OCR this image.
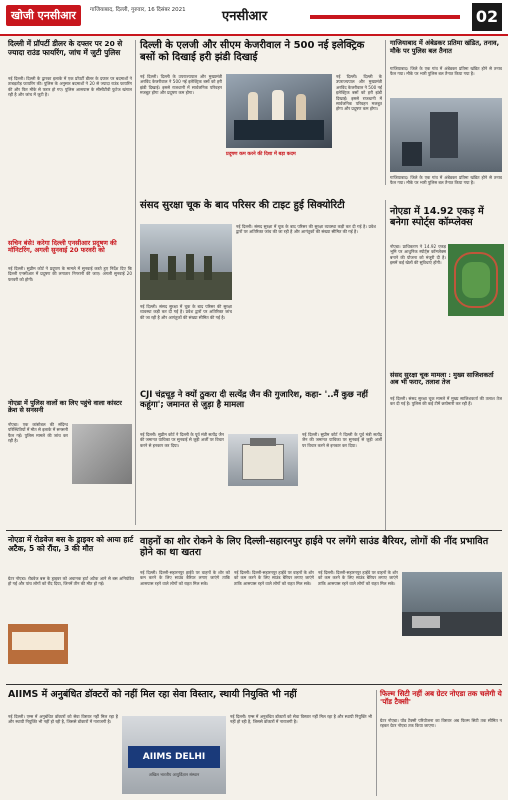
खोजी एनसीआर	गाजियाबाद, दिल्ली, गुरुवार, 16 दिसंबर 2021	एनसीआर	02
दिल्ली में प्रॉपर्टी डीलर के दफ्तर पर 20 से ज्यादा राउंड फायरिंग, जांच में जुटी पुलिस
नई दिल्ली। दिल्ली के द्वारका इलाके में एक प्रॉपर्टी डीलर के दफ्तर पर बदमाशों ने ताबड़तोड़ फायरिंग की। पुलिस के अनुसार बदमाशों ने 20 से ज्यादा राउंड फायरिंग की और फिर मौके से फरार हो गए। पुलिस आसपास के सीसीटीवी फुटेज खंगाल रही है और जांच में जुटी है।
सचिन बंसे! करेगा दिल्ली एनसीआर प्रदूषण की मॉनिटरिंग, अगली सुनवाई 20 फरवरी को
नई दिल्ली। सुप्रीम कोर्ट ने प्रदूषण के मामले में सुनवाई करते हुए निर्देश दिए कि दिल्ली एनसीआर में प्रदूषण की लगातार निगरानी की जाए। अगली सुनवाई 20 फरवरी को होगी।
नोएडा में पुलिस वालों का लिए पहुंचे वाला कांस्टर क्रेश से सनसनी
नोएडा। एक कांस्टेबल की संदिग्ध परिस्थितियों में मौत से इलाके में सनसनी फैल गई। पुलिस मामले की जांच कर रही है।
दिल्ली के एलजी और सीएम केजरीवाल ने 500 नई इलेक्ट्रिक बसों को दिखाई हरी झंडी दिखाई
नई दिल्ली। दिल्ली के उपराज्यपाल और मुख्यमंत्री अरविंद केजरीवाल ने 500 नई इलेक्ट्रिक बसों को हरी झंडी दिखाई। इससे राजधानी में सार्वजनिक परिवहन मजबूत होगा और प्रदूषण कम होगा।
प्रदूषण कम करने की दिशा में बड़ा कदम
नई दिल्ली। दिल्ली के उपराज्यपाल और मुख्यमंत्री अरविंद केजरीवाल ने 500 नई इलेक्ट्रिक बसों को हरी झंडी दिखाई। इससे राजधानी में सार्वजनिक परिवहन मजबूत होगा और प्रदूषण कम होगा।
गाजियाबाद में अंबेडकर प्रतिमा खंडित, तनाव, मौके पर पुलिस बल तैनात
गाजियाबाद। जिले के एक गांव में अंबेडकर प्रतिमा खंडित होने से तनाव फैल गया। मौके पर भारी पुलिस बल तैनात किया गया है।
गाजियाबाद। जिले के एक गांव में अंबेडकर प्रतिमा खंडित होने से तनाव फैल गया। मौके पर भारी पुलिस बल तैनात किया गया है।
संसद सुरक्षा चूक के बाद परिसर की टाइट हुई सिक्योरिटी
नई दिल्ली। संसद सुरक्षा में चूक के बाद परिसर की सुरक्षा व्यवस्था कड़ी कर दी गई है। प्रवेश द्वारों पर अतिरिक्त जांच की जा रही है और आगंतुकों की संख्या सीमित की गई है।
नई दिल्ली। संसद सुरक्षा में चूक के बाद परिसर की सुरक्षा व्यवस्था कड़ी कर दी गई है। प्रवेश द्वारों पर अतिरिक्त जांच की जा रही है और आगंतुकों की संख्या सीमित की गई है।
नोएडा में 14.92 एकड़ में बनेगा स्पोर्ट्स कॉम्प्लेक्स
नोएडा। प्राधिकरण ने 14.92 एकड़ भूमि पर आधुनिक स्पोर्ट्स कॉम्प्लेक्स बनाने की योजना को मंजूरी दी है। इसमें कई खेलों की सुविधाएं होंगी।
संसद सुरक्षा चूक मामला : मुख्य साजिशकर्ता अब भी फरार, तलाश तेज
नई दिल्ली। संसद सुरक्षा चूक मामले में मुख्य साजिशकर्ता की तलाश तेज कर दी गई है। पुलिस की कई टीमें छापेमारी कर रही हैं।
CJI चंद्रचूड़ ने क्यों ठुकरा दी सत्येंद्र जैन की गुजारिश, कहा- '..मैं कुछ नहीं कहूंगा'; जमानत से जुड़ा है मामला
नई दिल्ली। सुप्रीम कोर्ट ने दिल्ली के पूर्व मंत्री सत्येंद्र जैन की जमानत याचिका पर सुनवाई से जुड़ी अर्जी पर विचार करने से इनकार कर दिया।
नई दिल्ली। सुप्रीम कोर्ट ने दिल्ली के पूर्व मंत्री सत्येंद्र जैन की जमानत याचिका पर सुनवाई से जुड़ी अर्जी पर विचार करने से इनकार कर दिया।
नोएडा में रोडवेज बस के ड्राइवर को आया हार्ट अटैक, 5 को रौंदा, 3 की मौत
ग्रेटर नोएडा। रोडवेज बस के ड्राइवर को अचानक हार्ट अटैक आने से बस अनियंत्रित हो गई और पांच लोगों को रौंद दिया, जिनमें तीन की मौत हो गई।
वाहनों का शोर रोकने के लिए दिल्ली-सहारनपुर हाईवे पर लगेंगे साउंड बैरियर, लोगों की नींद प्रभावित होने का था खतरा
नई दिल्ली। दिल्ली-सहारनपुर हाईवे पर वाहनों के शोर को कम करने के लिए साउंड बैरियर लगाए जाएंगे ताकि आसपास रहने वाले लोगों को राहत मिल सके।
नई दिल्ली। दिल्ली-सहारनपुर हाईवे पर वाहनों के शोर को कम करने के लिए साउंड बैरियर लगाए जाएंगे ताकि आसपास रहने वाले लोगों को राहत मिल सके।
नई दिल्ली। दिल्ली-सहारनपुर हाईवे पर वाहनों के शोर को कम करने के लिए साउंड बैरियर लगाए जाएंगे ताकि आसपास रहने वाले लोगों को राहत मिल सके।
AIIMS में अनुबंधित डॉक्टरों को नहीं मिल रहा सेवा विस्तार, स्थायी नियुक्ति भी नहीं
नई दिल्ली। एम्स में अनुबंधित डॉक्टरों को सेवा विस्तार नहीं मिल रहा है और स्थायी नियुक्ति भी नहीं हो रही है, जिससे डॉक्टरों में नाराजगी है।
AIIMS DELHI
अखिल भारतीय आयुर्विज्ञान संस्थान
नई दिल्ली। एम्स में अनुबंधित डॉक्टरों को सेवा विस्तार नहीं मिल रहा है और स्थायी नियुक्ति भी नहीं हो रही है, जिससे डॉक्टरों में नाराजगी है।
फिल्म सिटी नहीं अब ग्रेटर नोएडा तक चलेगी ये 'पॉड टैक्सी'
ग्रेटर नोएडा। पॉड टैक्सी परियोजना का विस्तार अब फिल्म सिटी तक सीमित न रहकर ग्रेटर नोएडा तक किया जाएगा।
